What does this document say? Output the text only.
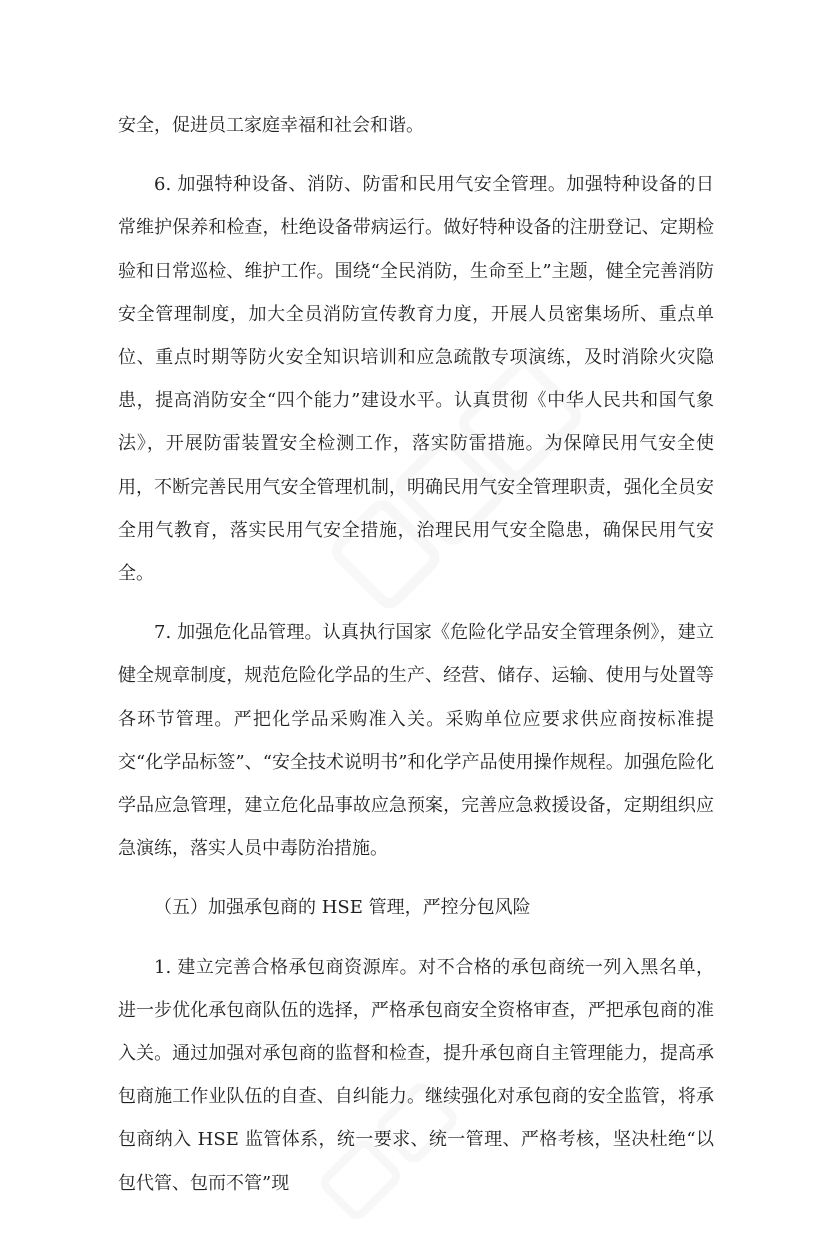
安全，促进员工家庭幸福和社会和谐。

6. 加强特种设备、消防、防雷和民用气安全管理。加强特种设备的日常维护保养和检查，杜绝设备带病运行。做好特种设备的注册登记、定期检验和日常巡检、维护工作。围绕“全民消防，生命至上”主题，健全完善消防安全管理制度，加大全员消防宣传教育力度，开展人员密集场所、重点单位、重点时期等防火安全知识培训和应急疏散专项演练，及时消除火灾隐患，提高消防安全“四个能力”建设水平。认真贯彻《中华人民共和国气象法》，开展防雷装置安全检测工作，落实防雷措施。为保障民用气安全使用，不断完善民用气安全管理机制，明确民用气安全管理职责，强化全员安全用气教育，落实民用气安全措施，治理民用气安全隐患，确保民用气安全。

7. 加强危化品管理。认真执行国家《危险化学品安全管理条例》，建立健全规章制度，规范危险化学品的生产、经营、储存、运输、使用与处置等各环节管理。严把化学品采购准入关。采购单位应要求供应商按标准提交“化学品标签”、“安全技术说明书”和化学产品使用操作规程。加强危险化学品应急管理，建立危化品事故应急预案，完善应急救援设备，定期组织应急演练，落实人员中毒防治措施。

（五）加强承包商的 HSE 管理，严控分包风险

1. 建立完善合格承包商资源库。对不合格的承包商统一列入黑名单，进一步优化承包商队伍的选择，严格承包商安全资格审查，严把承包商的准入关。通过加强对承包商的监督和检查，提升承包商自主管理能力，提高承包商施工作业队伍的自查、自纠能力。继续强化对承包商的安全监管，将承包商纳入 HSE 监管体系，统一要求、统一管理、严格考核，坚决杜绝“以包代管、包而不管”现
